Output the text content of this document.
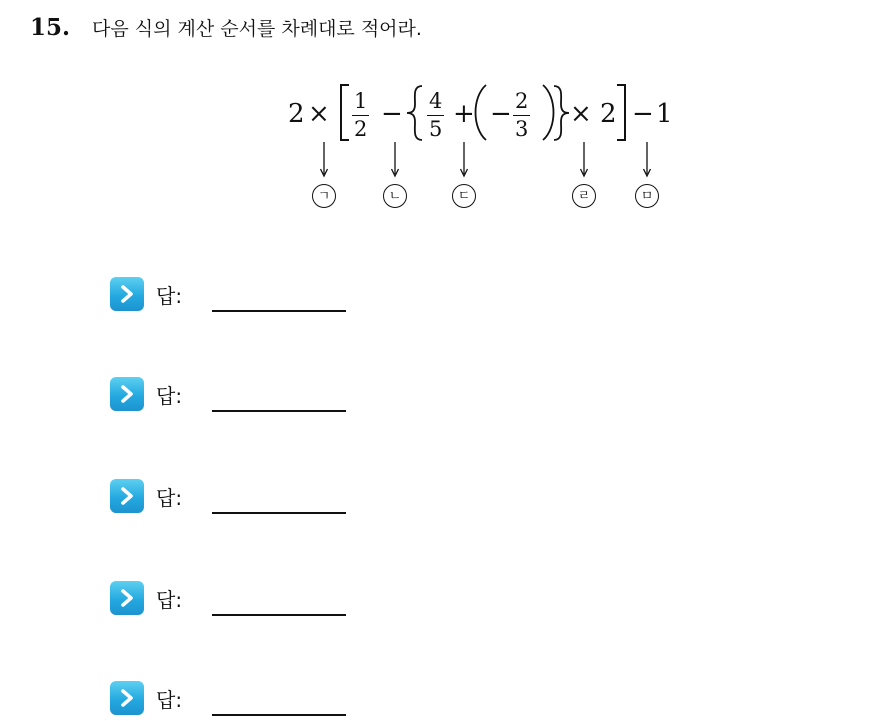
15. 다음 식의 계산 순서를 차례대로 적어라.
2 × 1
2
− 4
5
+ − 2
3
× 2 − 1
ㄱ	ㄴ	ㄷ	ㄹ	ㅁ
답:
답:
답:
답:
답:
